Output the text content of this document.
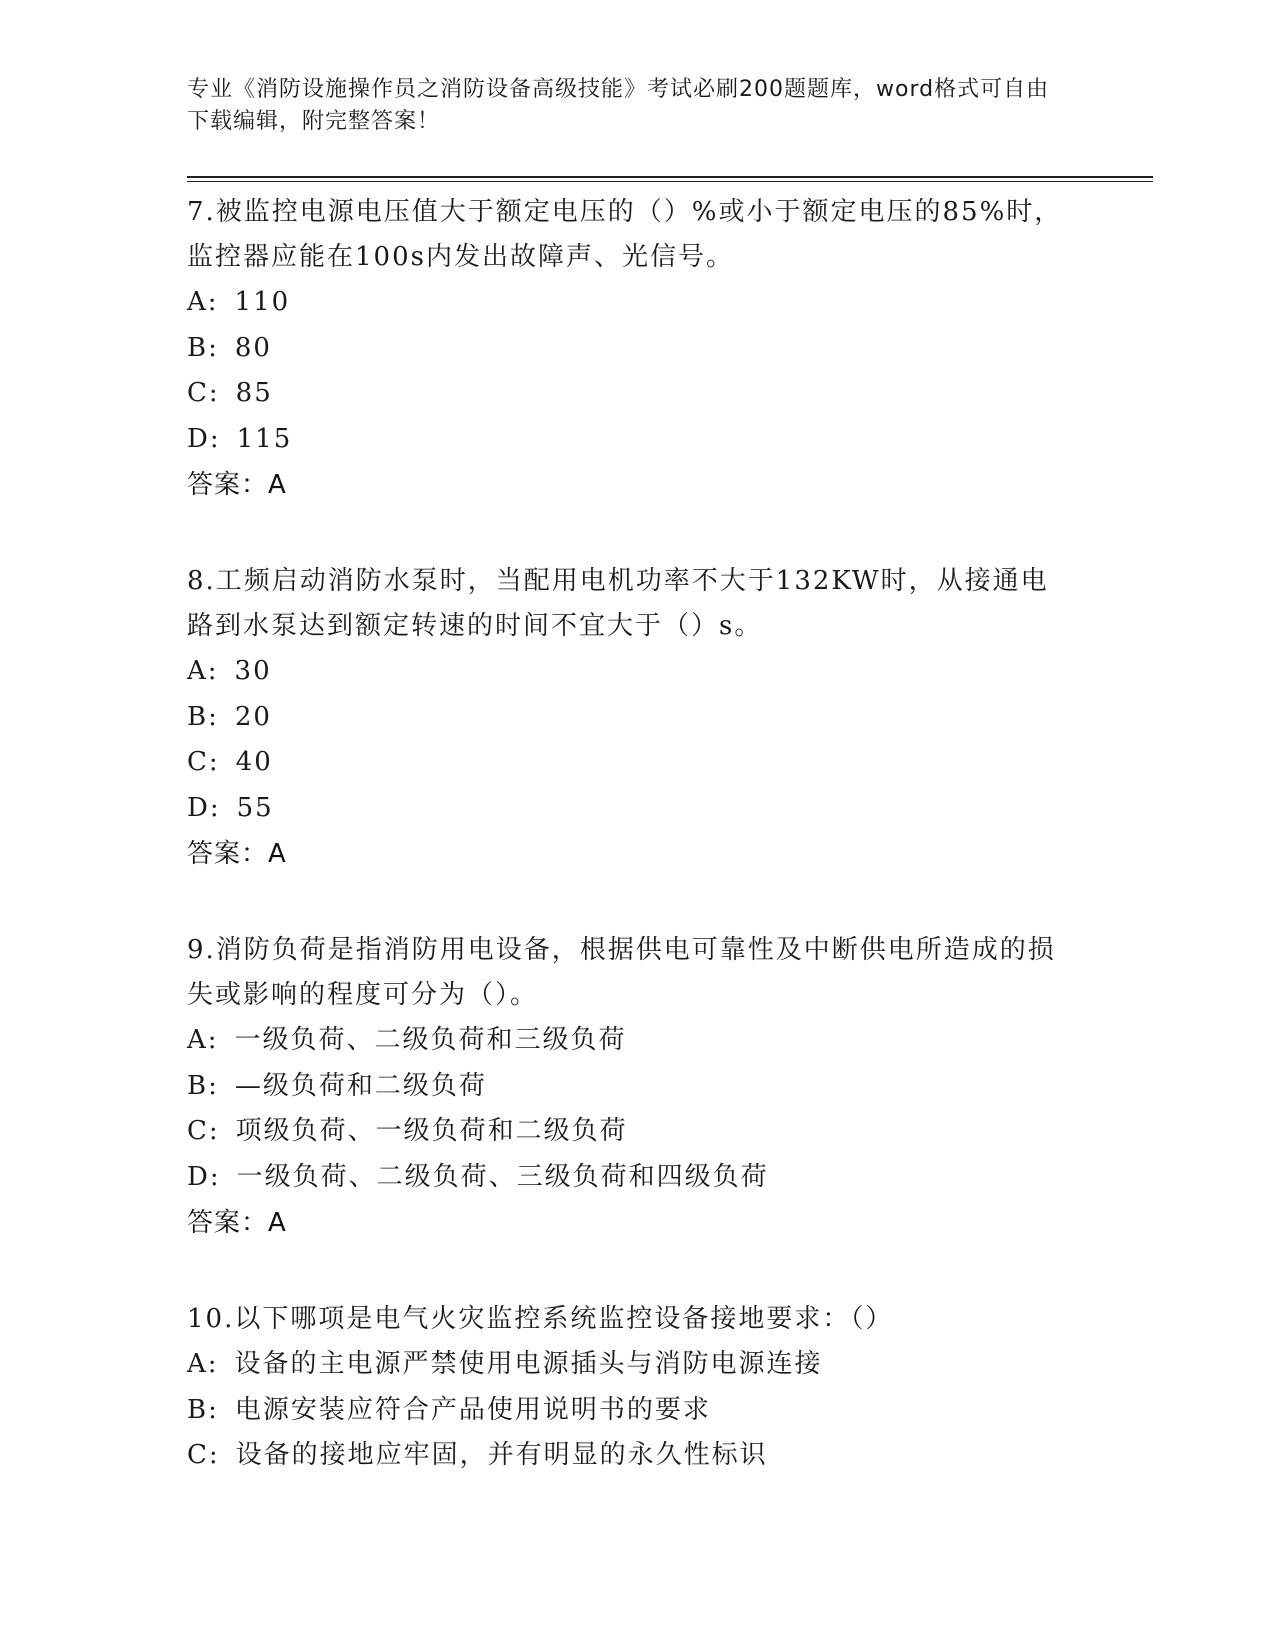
专业《消防设施操作员之消防设备高级技能》考试必刷200题题库，word格式可自由下载编辑，附完整答案！
7.被监控电源电压值大于额定电压的（）%或小于额定电压的85%时，监控器应能在100s内发出故障声、光信号。
A: 110
B: 80
C: 85
D: 115
答案：A
8.工频启动消防水泵时，当配用电机功率不大于132KW时，从接通电路到水泵达到额定转速的时间不宜大于（）s。
A: 30
B: 20
C: 40
D: 55
答案：A
9.消防负荷是指消防用电设备，根据供电可靠性及中断供电所造成的损失或影响的程度可分为（）。
A: 一级负荷、二级负荷和三级负荷
B: —级负荷和二级负荷
C: 项级负荷、一级负荷和二级负荷
D: 一级负荷、二级负荷、三级负荷和四级负荷
答案：A
10.以下哪项是电气火灾监控系统监控设备接地要求：（）
A: 设备的主电源严禁使用电源插头与消防电源连接
B: 电源安装应符合产品使用说明书的要求
C: 设备的接地应牢固，并有明显的永久性标识
